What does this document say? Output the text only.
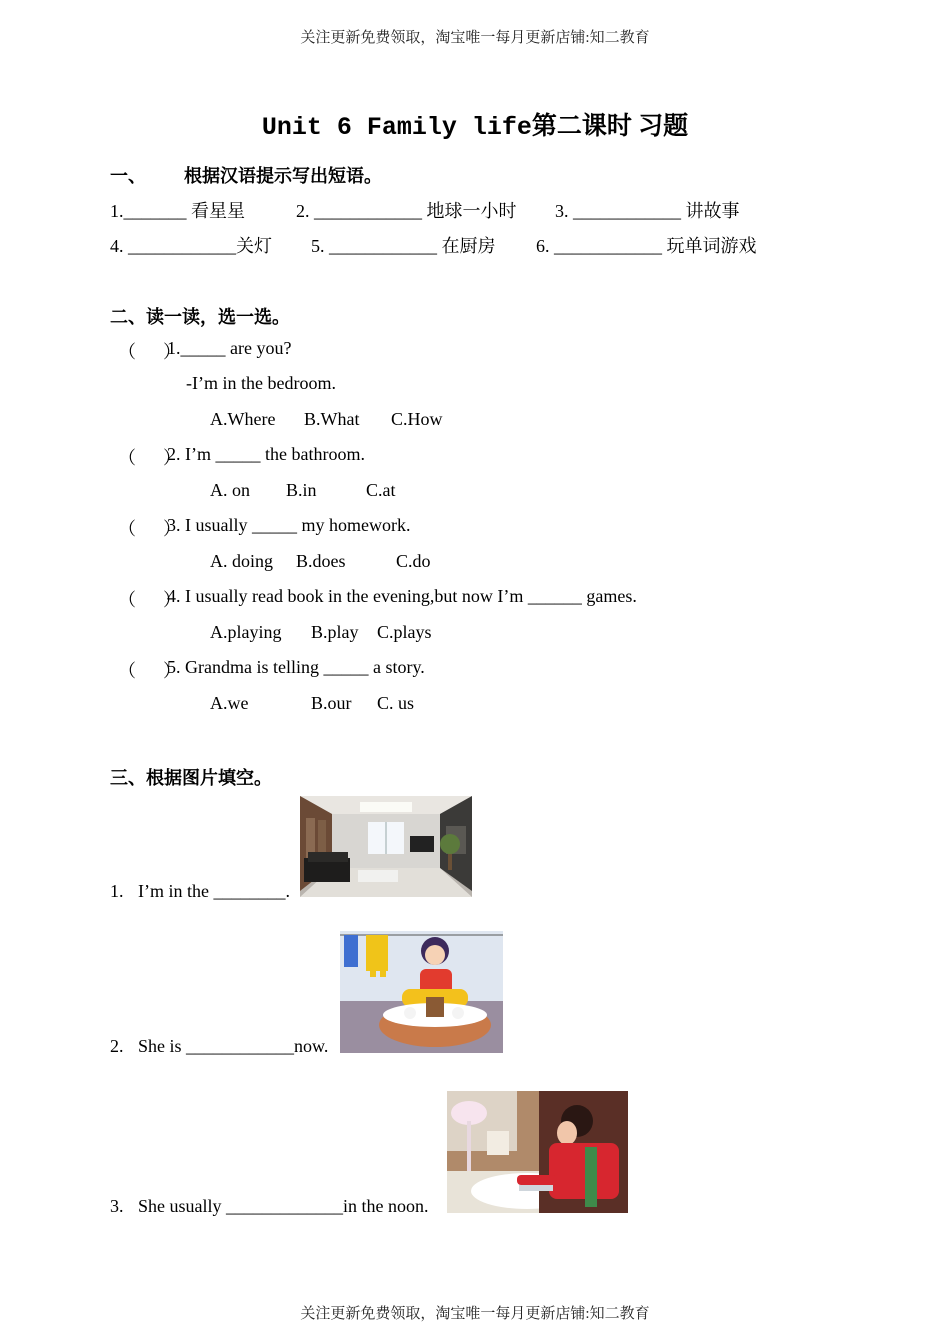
关注更新免费领取，淘宝唯一每月更新店铺:知二教育
关注更新免费领取，淘宝唯一每月更新店铺:知二教育
Unit 6 Family life第二课时 习题
一、 根据汉语提示写出短语。
1._______ 看星星	2. ____________ 地球一小时 3. ____________ 讲故事
4. ____________关灯 5. ____________ 在厨房 6. ____________ 玩单词游戏
二、读一读，选一选。
（      ）
1._____ are you?
-I’m in the bedroom.
A.Where B.What C.How
（      ）
2. I’m _____ the bathroom.
A. on B.in	C.at
（      ）
3. I usually _____ my homework.
A. doing B.does	C.do
（      ）
4. I usually read book in the evening,but now I’m ______ games.
A.playing B.play C.plays
（      ）
5. Grandma is telling _____ a story.
A.we	B.our C. us
三、根据图片填空。
1. I’m in the ________.
2. She is ____________now.
3. She usually _____________in the noon.
